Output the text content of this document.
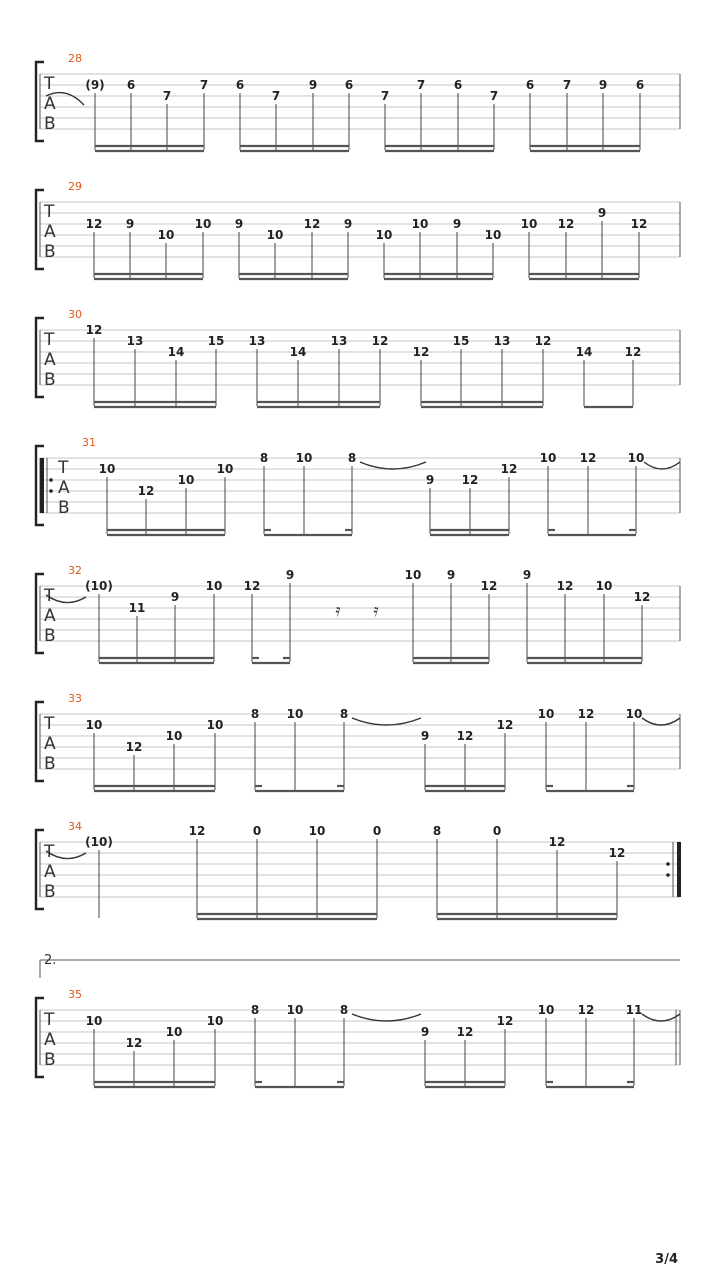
28
T
A
B
(9) 6
7
7 6
7
9 6
7
7 6
7
6 7 9 6
29
T
A
B
12 9
10
10 9
10
12 9
10
10 9
10
10 12
9
12
30
T
A
B
12
13
14
15 13
14
13 12
12
15 13 12
14	12
31
T
A
B
10
12
10
10
8 10	8
9 12
12
10 12	10
32
T
A
B
(10)
11
9
10 12
9	10 9
12
9
12 10
12
𝄿 𝄿
33
T
A
B
10
12
10
10
8 10	8
9 12
12
10 12	10
34
T
A
B
(10)
12	0	10	0	8	0
12
12
35
T
A
B
10
12
10
10
8 10	8
9 12
12
10 12	11
2.
3/4
